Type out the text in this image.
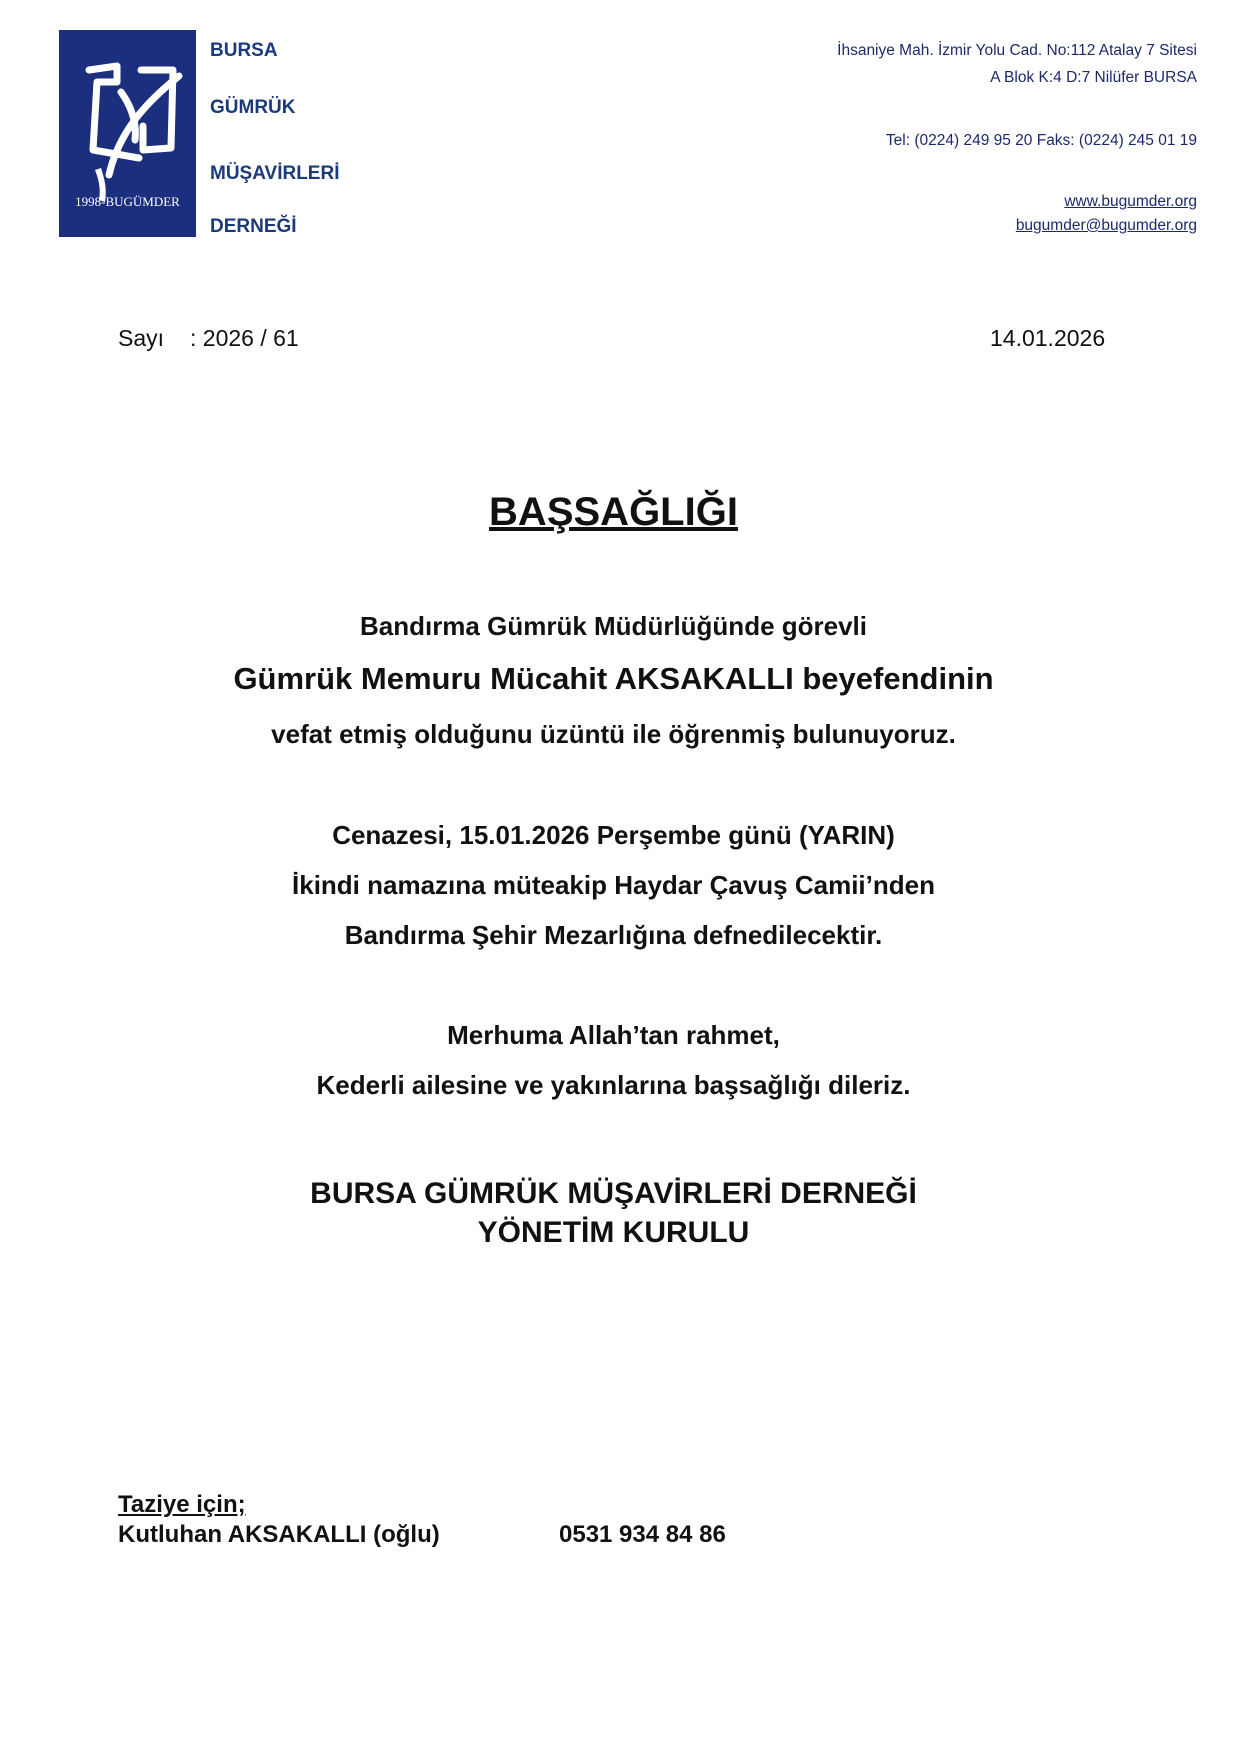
1998-BUGÜMDER
BURSA
GÜMRÜK
MÜŞAVİRLERİ
DERNEĞİ
İhsaniye Mah. İzmir Yolu Cad. No:112 Atalay 7 Sitesi
A Blok K:4 D:7 Nilüfer BURSA
Tel: (0224) 249 95 20 Faks: (0224) 245 01 19
www.bugumder.org
bugumder@bugumder.org
Sayı : 2026 / 61	14.01.2026
BAŞSAĞLIĞI
Bandırma Gümrük Müdürlüğünde görevli
Gümrük Memuru Mücahit AKSAKALLI beyefendinin
vefat etmiş olduğunu üzüntü ile öğrenmiş bulunuyoruz.
Cenazesi, 15.01.2026 Perşembe günü (YARIN)
İkindi namazına müteakip Haydar Çavuş Camii’nden
Bandırma Şehir Mezarlığına defnedilecektir.
Merhuma Allah’tan rahmet,
Kederli ailesine ve yakınlarına başsağlığı dileriz.
BURSA GÜMRÜK MÜŞAVİRLERİ DERNEĞİ
YÖNETİM KURULU
Taziye için;
Kutluhan AKSAKALLI (oğlu)	0531 934 84 86
